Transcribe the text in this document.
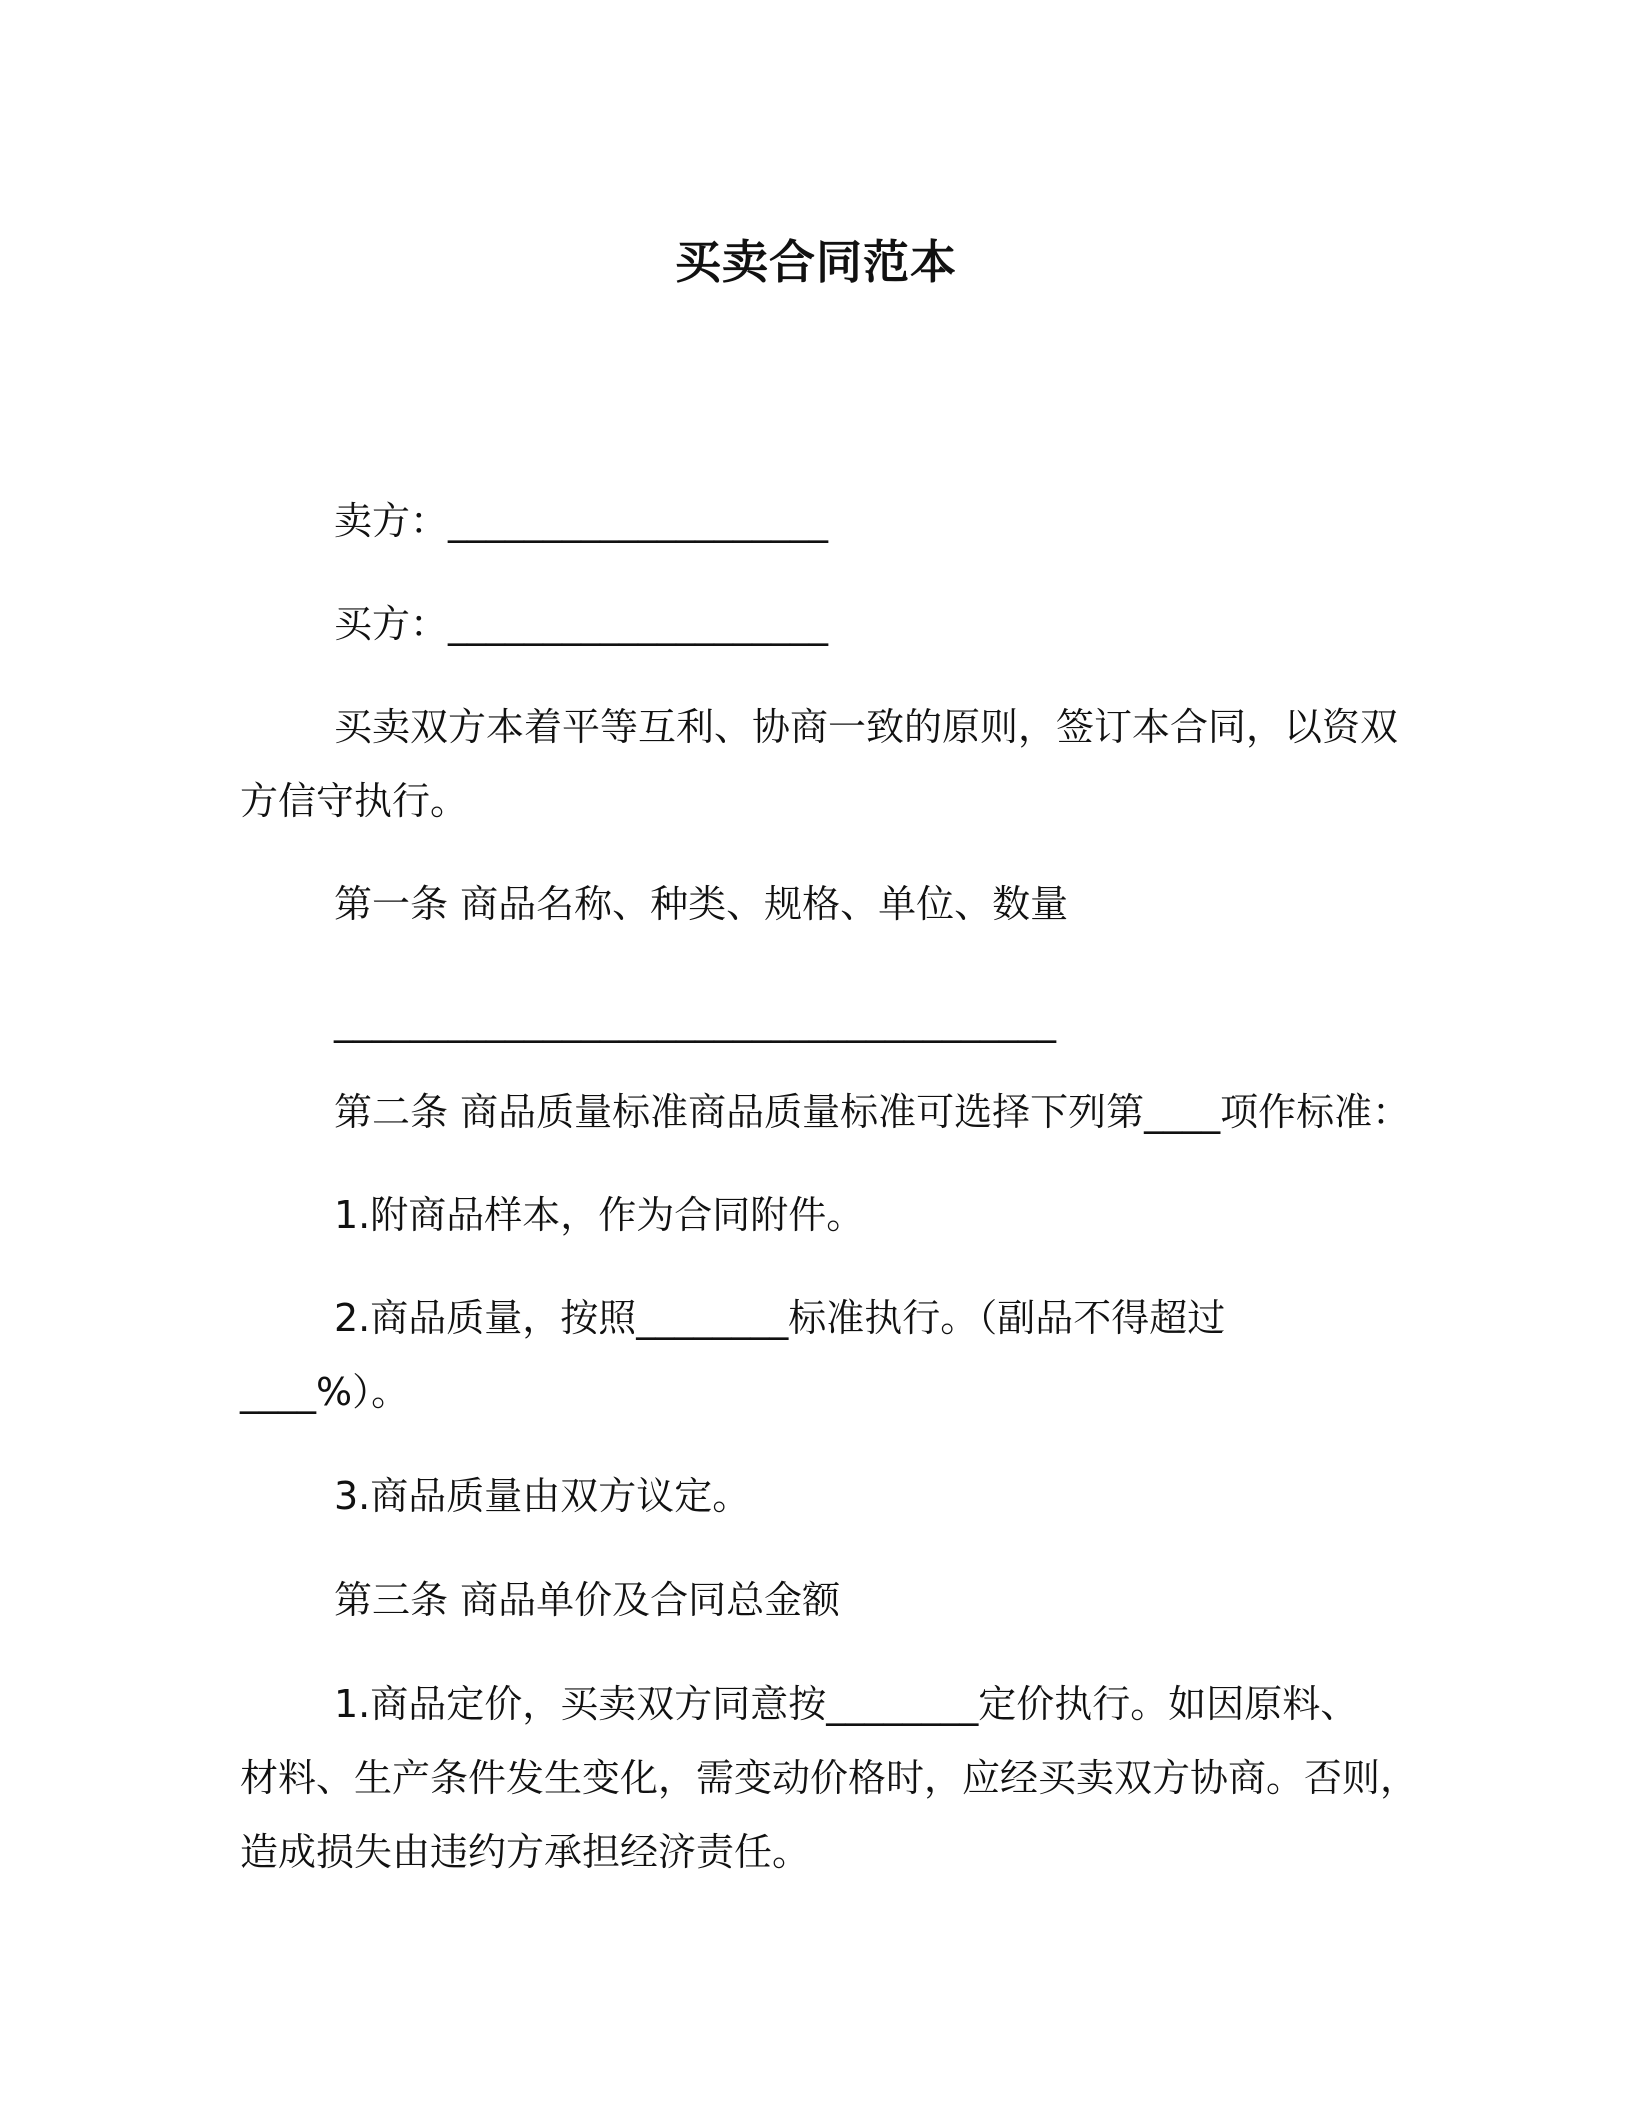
买卖合同范本
卖方：____________________
买方：____________________
买卖双方本着平等互利、协商一致的原则，签订本合同，以资双
方信守执行。
第一条 商品名称、种类、规格、单位、数量
______________________________________
第二条 商品质量标准商品质量标准可选择下列第____项作标准：
1.附商品样本，作为合同附件。
2.商品质量，按照________标准执行。（副品不得超过
____%）。
3.商品质量由双方议定。
第三条 商品单价及合同总金额
1.商品定价，买卖双方同意按________定价执行。如因原料、
材料、生产条件发生变化，需变动价格时，应经买卖双方协商。否则，
造成损失由违约方承担经济责任。
